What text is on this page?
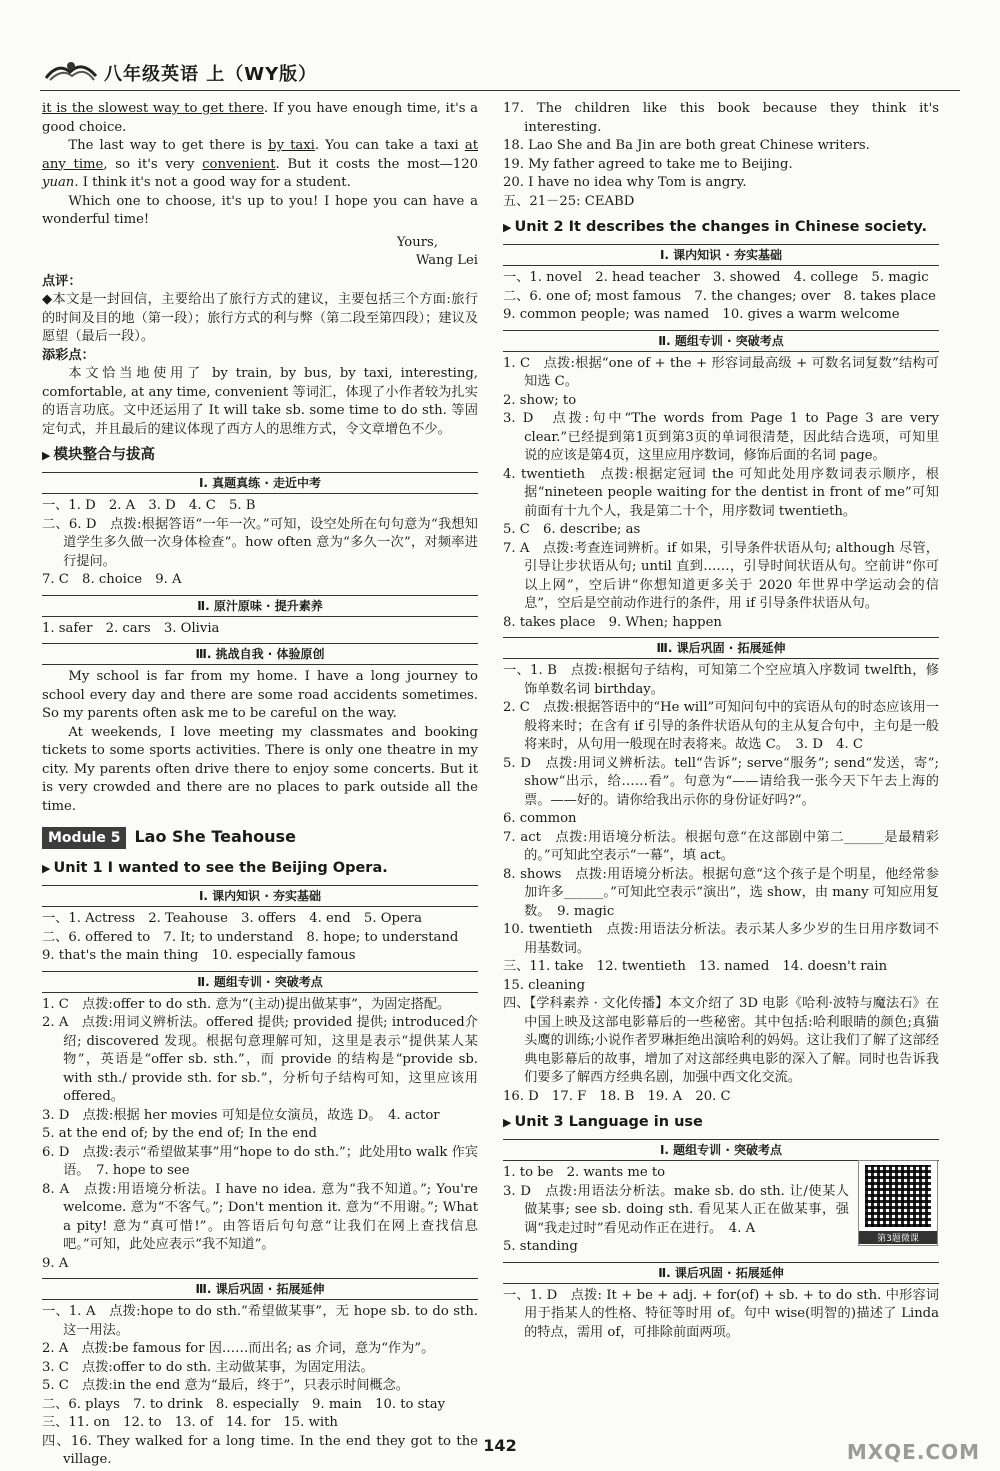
八年级英语 上（WY版）

it is the slowest way to get there. If you have enough time, it's a good choice.

The last way to get there is by taxi. You can take a taxi at any time, so it's very convenient. But it costs the most—120 yuan. I think it's not a good way for a student.

Which one to choose, it's up to you! I hope you can have a wonderful time!

Yours,

Wang Lei

点评：

◆本文是一封回信，主要给出了旅行方式的建议，主要包括三个方面:旅行的时间及目的地（第一段）；旅行方式的利与弊（第二段至第四段）；建议及愿望（最后一段）。

添彩点：

本文恰当地使用了 by train, by bus, by taxi, interesting, comfortable, at any time, convenient 等词汇，体现了小作者较为扎实的语言功底。文中还运用了 It will take sb. some time to do sth. 等固定句式，并且最后的建议体现了西方人的思维方式，令文章增色不少。

▶ 模块整合与拔高
Ⅰ. 真题真练 · 走近中考

一、1. D　2. A　3. D　4. C　5. B

二、6. D　点拨:根据答语“一年一次。”可知，设空处所在句句意为“我想知道学生多久做一次身体检查”。how often 意为“多久一次”，对频率进行提问。

7. C　8. choice　9. A

Ⅱ. 原汁原味 · 提升素养

1. safer　2. cars　3. Olivia

Ⅲ. 挑战自我 · 体验原创

My school is far from my home. I have a long journey to school every day and there are some road accidents sometimes. So my parents often ask me to be careful on the way.

At weekends, I love meeting my classmates and booking tickets to some sports activities. There is only one theatre in my city. My parents often drive there to enjoy some concerts. But it is very crowded and there are no places to park outside all the time.

Module 5 Lao She Teahouse
▶ Unit 1 I wanted to see the Beijing Opera.
Ⅰ. 课内知识 · 夯实基础

一、1. Actress　2. Teahouse　3. offers　4. end　5. Opera

二、6. offered to　7. It; to understand　8. hope; to understand

9. that's the main thing　10. especially famous

Ⅱ. 题组专训 · 突破考点

1. C　点拨:offer to do sth. 意为“(主动)提出做某事”，为固定搭配。

2. A　点拨:用词义辨析法。offered 提供; provided 提供; introduced介绍; discovered 发现。根据句意理解可知，这里是表示“提供某人某物”，英语是“offer sb. sth.”，而 provide 的结构是“provide sb. with sth./ provide sth. for sb.”，分析句子结构可知，这里应该用 offered。

3. D　点拨:根据 her movies 可知是位女演员，故选 D。　4. actor

5. at the end of; by the end of; In the end

6. D　点拨:表示“希望做某事”用“hope to do sth.”；此处用to walk 作宾语。　7. hope to see

8. A　点拨:用语境分析法。I have no idea. 意为“我不知道。”; You're welcome. 意为“不客气。”; Don't mention it. 意为“不用谢。”; What a pity! 意为“真可惜!”。由答语后句句意“让我们在网上查找信息吧。”可知，此处应表示“我不知道”。

9. A

Ⅲ. 课后巩固 · 拓展延伸

一、1. A　点拨:hope to do sth.“希望做某事”，无 hope sb. to do sth. 这一用法。

2. A　点拨:be famous for 因……而出名; as 介词，意为“作为”。

3. C　点拨:offer to do sth. 主动做某事，为固定用法。

5. C　点拨:in the end 意为“最后，终于”，只表示时间概念。

二、6. plays　7. to drink　8. especially　9. main　10. to stay

三、11. on　12. to　13. of　14. for　15. with

四、16. They walked for a long time. In the end they got to the village.

17. The children like this book because they think it's interesting.

18. Lao She and Ba Jin are both great Chinese writers.

19. My father agreed to take me to Beijing.

20. I have no idea why Tom is angry.

五、21－25: CEABD

▶ Unit 2 It describes the changes in Chinese society.
Ⅰ. 课内知识 · 夯实基础

一、1. novel　2. head teacher　3. showed　4. college　5. magic

二、6. one of; most famous　7. the changes; over　8. takes place

9. common people; was named　10. gives a warm welcome

Ⅱ. 题组专训 · 突破考点

1. C　点拨:根据“one of + the + 形容词最高级 + 可数名词复数”结构可知选 C。

2. show; to

3. D　点拨:句中“The words from Page 1 to Page 3 are very clear.”已经提到第1页到第3页的单词很清楚，因此结合选项，可知里说的应该是第4页，这里应用序数词，修饰后面的名词 page。

4. twentieth　点拨:根据定冠词 the 可知此处用序数词表示顺序，根据“nineteen people waiting for the dentist in front of me”可知前面有十九个人，我是第二十个，用序数词 twentieth。

5. C　6. describe; as

7. A　点拨:考查连词辨析。if 如果，引导条件状语从句; although 尽管，引导让步状语从句; until 直到……，引导时间状语从句。空前讲“你可以上网”，空后讲“你想知道更多关于 2020 年世界中学运动会的信息”，空后是空前动作进行的条件，用 if 引导条件状语从句。

8. takes place　9. When; happen

Ⅲ. 课后巩固 · 拓展延伸

一、1. B　点拨:根据句子结构，可知第二个空应填入序数词 twelfth，修饰单数名词 birthday。

2. C　点拨:根据答语中的“He will”可知问句中的宾语从句的时态应该用一般将来时；在含有 if 引导的条件状语从句的主从复合句中，主句是一般将来时，从句用一般现在时表将来。故选 C。　3. D　4. C

5. D　点拨:用词义辨析法。tell“告诉”; serve“服务”; send“发送，寄”; show“出示，给……看”。句意为“——请给我一张今天下午去上海的票。——好的。请你给我出示你的身份证好吗?”。

6. common

7. act　点拨:用语境分析法。根据句意“在这部剧中第二______是最精彩的。”可知此空表示“一幕”，填 act。

8. shows　点拨:用语境分析法。根据句意“这个孩子是个明星，他经常参加许多______。”可知此空表示“演出”，选 show，由 many 可知应用复数。　9. magic

10. twentieth　点拨:用语法分析法。表示某人多少岁的生日用序数词不用基数词。

三、11. take　12. twentieth　13. named　14. doesn't rain

15. cleaning

四、【学科素养 · 文化传播】本文介绍了 3D 电影《哈利·波特与魔法石》在中国上映及这部电影幕后的一些秘密。其中包括:哈利眼睛的颜色;真猫头鹰的训练;小说作者罗琳拒绝出演哈利的妈妈。这让我们了解了这部经典电影幕后的故事，增加了对这部经典电影的深入了解。同时也告诉我们要多了解西方经典名剧，加强中西文化交流。

16. D　17. F　18. B　19. A　20. C

▶ Unit 3 Language in use
Ⅰ. 题组专训 · 突破考点
第3题微课

1. to be　2. wants me to

3. D　点拨:用语法分析法。make sb. do sth. 让/使某人做某事; see sb. doing sth. 看见某人正在做某事，强调“我走过时”看见动作正在进行。　4. A

5. standing

Ⅱ. 课后巩固 · 拓展延伸

一、1. D　点拨: It + be + adj. + for(of) + sb. + to do sth. 中形容词用于指某人的性格、特征等时用 of。句中 wise(明智的)描述了 Linda 的特点，需用 of，可排除前面两项。

142	MXQE.COM
